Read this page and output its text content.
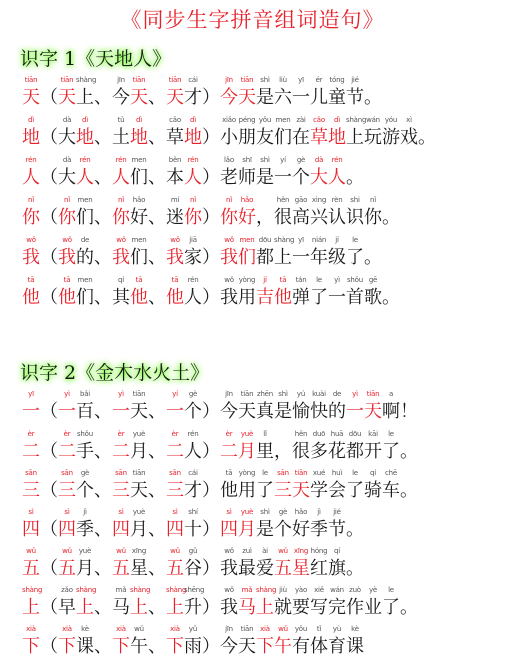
《同步生字拼音组词造句》
识字 1《天地人》
tiān
天 （
tiān
天
shàng
上 、
jīn
今
tiān
天 、
tiān
天
cái
才 ）
jīn
今
tiān
天
shì
是
liù
六
yī
一
ér
儿
tóng
童
jié
节 。
dì
地 （
dà
大
dì
地 、
tǔ
土
dì
地 、
cǎo
草
dì
地 ）
xiǎo
小
péng
朋
yǒu
友
men
们
zài
在
cǎo
草
dì
地
shàng
上
wán
玩
yóu
游
xì
戏 。
rén
人 （
dà
大
rén
人 、
rén
人
men
们 、
běn
本
rén
人 ）
lǎo
老
shī
师
shì
是
yí
一
gè
个
dà
大
rén
人 。
nǐ
你 （
nǐ
你
men
们 、
nǐ
你
hǎo
好 、
mí
迷
nǐ
你 ）
nǐ
你
hǎo
好 ，
hěn
很
gāo
高
xìng
兴
rèn
认
shi
识
nǐ
你 。
wǒ
我 （
wǒ
我
de
的 、
wǒ
我
men
们 、
wǒ
我
jiā
家 ）
wǒ
我
men
们
dōu
都
shàng
上
yī
一
nián
年
jí
级
le
了 。
tā
他 （
tā
他
men
们 、
qí
其
tā
他 、
tā
他
rén
人 ）
wǒ
我
yòng
用
jí
吉
tā
他
tán
弹
le
了
yì
一
shǒu
首
gē
歌 。
识字 2《金木水火土》
yī
一 （
yì
一
bǎi
百 、
yì
一
tiān
天 、
yí
一
gè
个 ）
jīn
今
tiān
天
zhēn
真
shì
是
yú
愉
kuài
快
de
的
yì
一
tiān
天
a
啊 ！
èr
二 （
èr
二
shǒu
手 、
èr
二
yuè
月 、
èr
二
rén
人 ）
èr
二
yuè
月
lǐ
里 ，
hěn
很
duō
多
huā
花
dōu
都
kāi
开
le
了 。
sān
三 （
sān
三
gè
个 、
sān
三
tiān
天 、
sān
三
cái
才 ）
tā
他
yòng
用
le
了
sān
三
tiān
天
xué
学
huì
会
le
了
qí
骑
chē
车 。
sì
四 （
sì
四
jì
季 、
sì
四
yuè
月 、
sì
四
shí
十 ）
sì
四
yuè
月
shì
是
gè
个
hǎo
好
jì
季
jié
节 。
wǔ
五 （
wǔ
五
yuè
月 、
wǔ
五
xīng
星 、
wǔ
五
gǔ
谷 ）
wǒ
我
zuì
最
ài
爱
wǔ
五
xīng
星
hóng
红
qí
旗 。
shàng
上 （
zǎo
早
shàng
上 、
mǎ
马
shàng
上 、
shàng
上
shēng
升 ）
wǒ
我
mǎ
马
shàng
上
jiù
就
yào
要
xiě
写
wán
完
zuò
作
yè
业
le
了 。
xià
下 （
xià
下
kè
课 、
xià
下
wǔ
午 、
xià
下
yǔ
雨 ）
jīn
今
tiān
天
xià
下
wǔ
午
yǒu
有
tǐ
体
yù
育
kè
课
